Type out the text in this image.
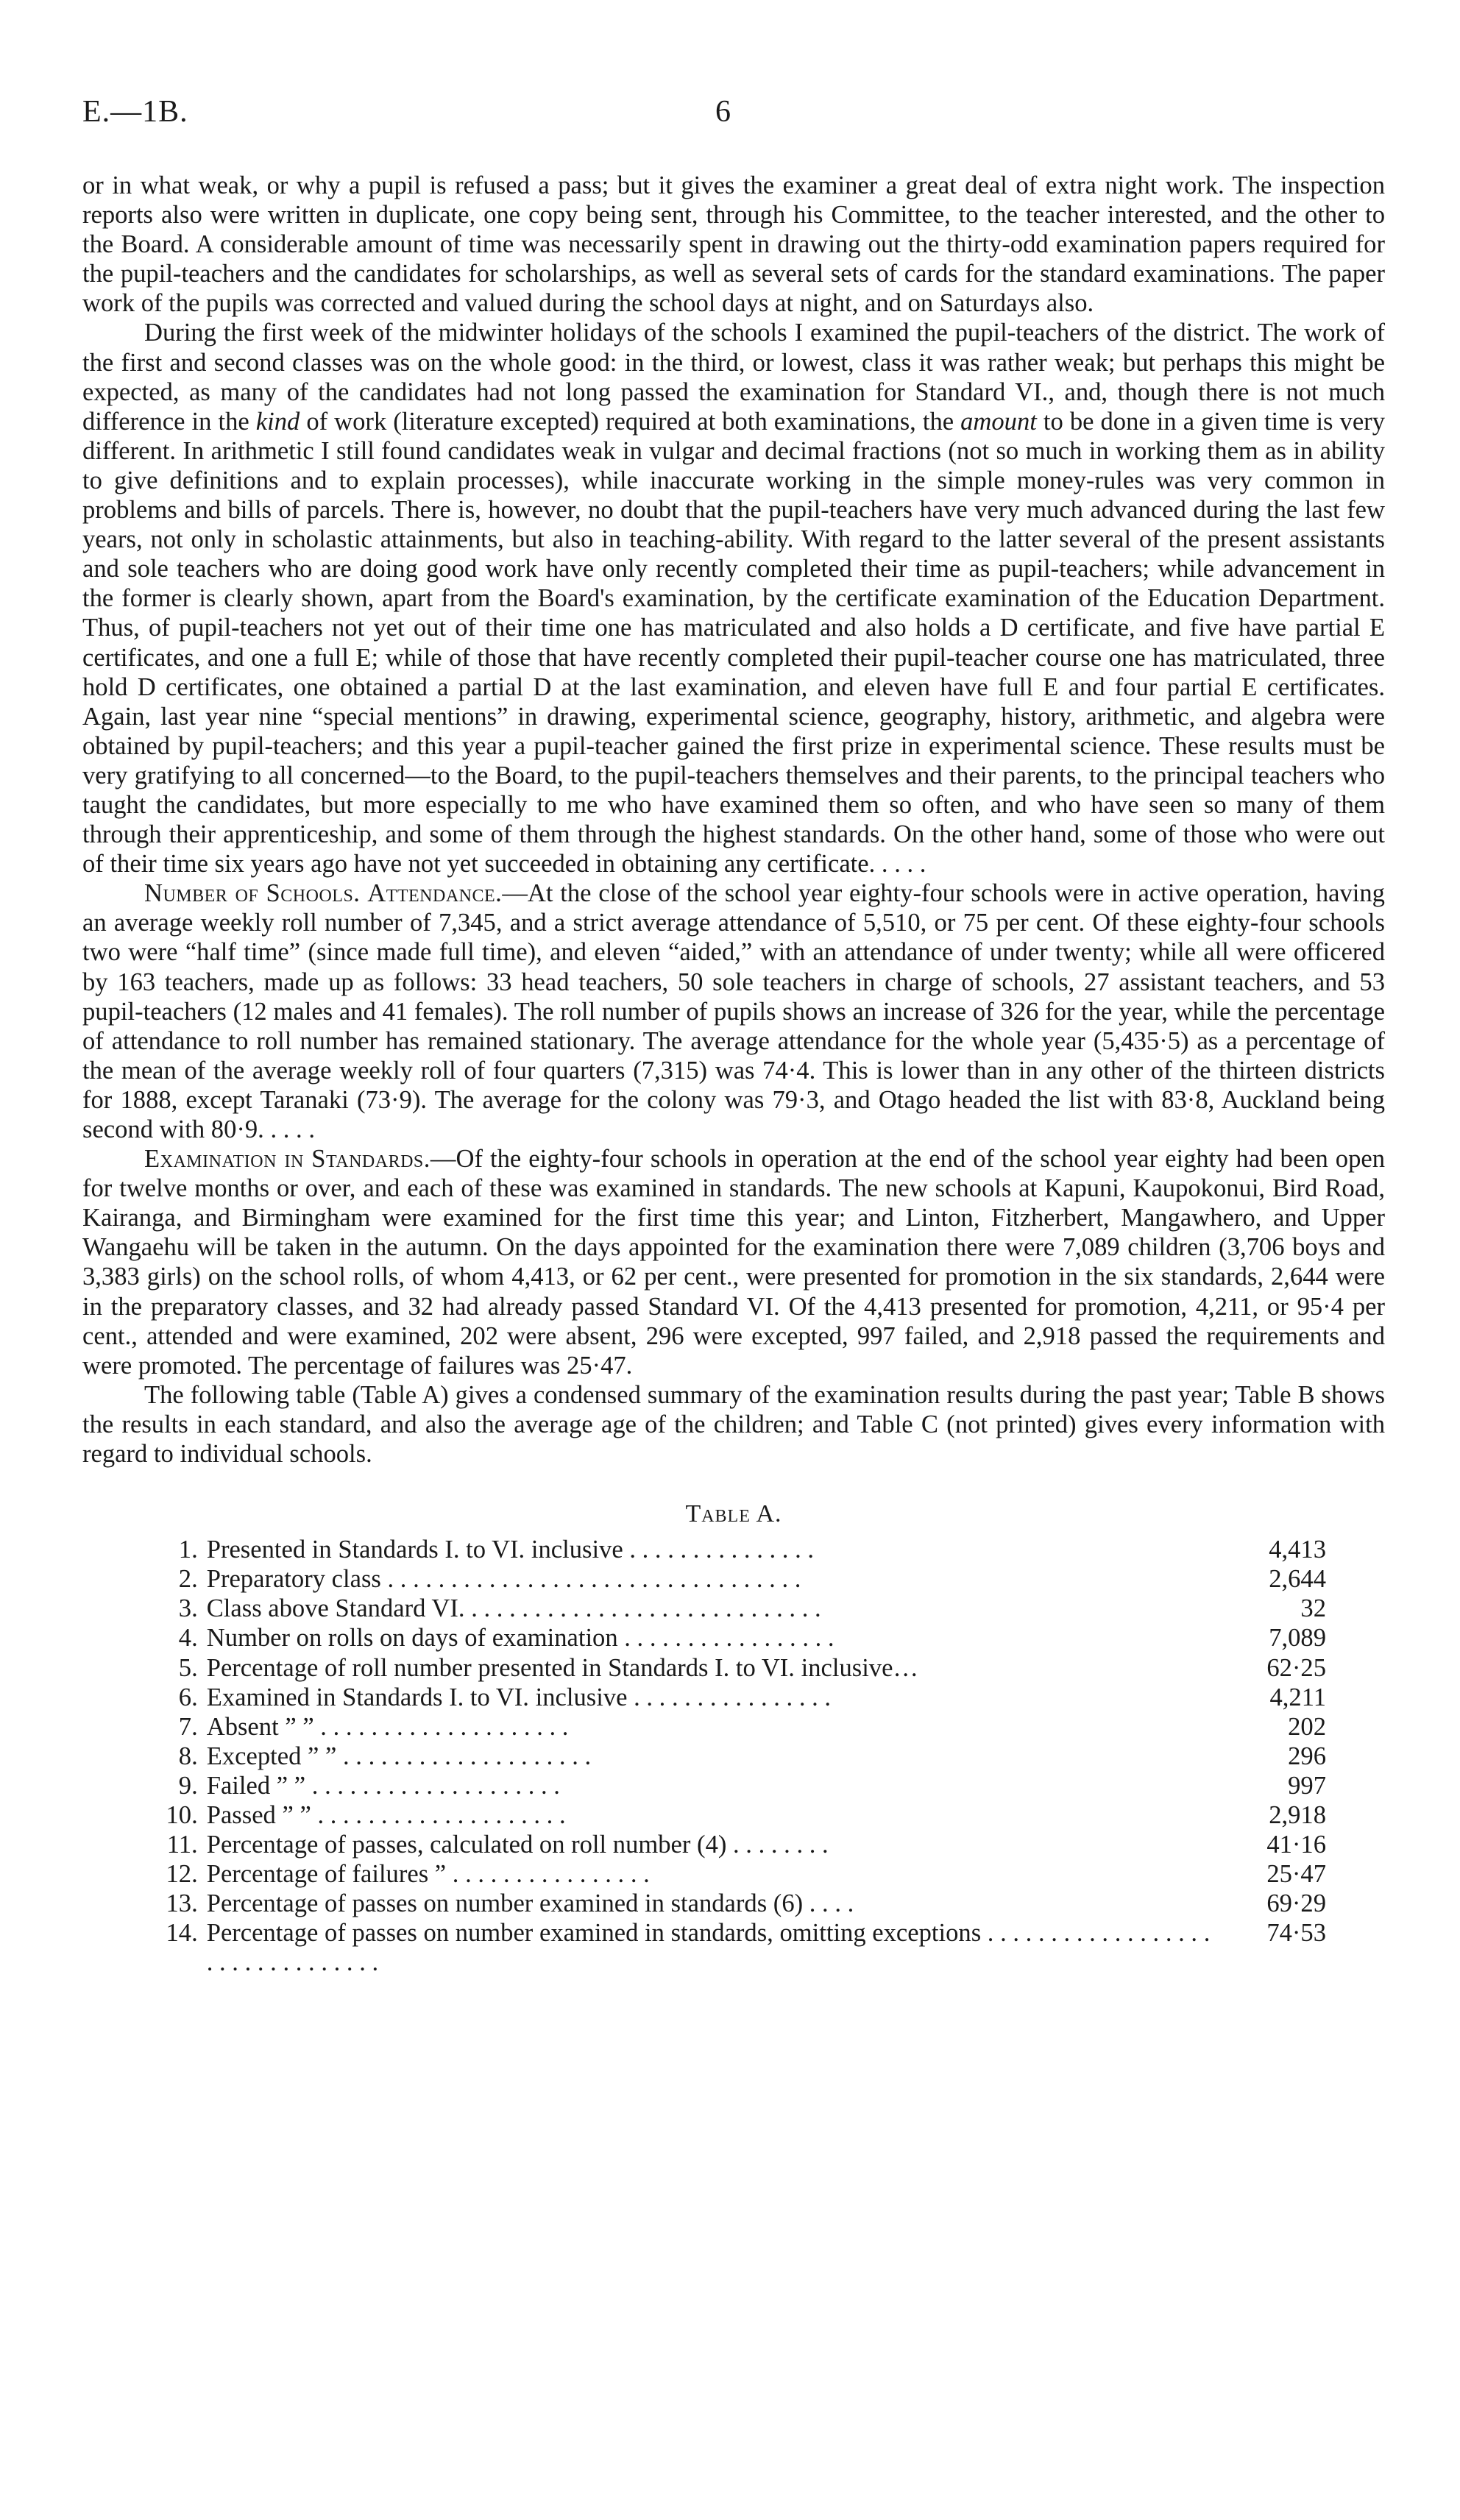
E.—1B.	6

or in what weak, or why a pupil is refused a pass; but it gives the examiner a great deal of extra night work. The inspection reports also were written in duplicate, one copy being sent, through his Committee, to the teacher interested, and the other to the Board. A considerable amount of time was necessarily spent in drawing out the thirty-odd examination papers required for the pupil-teachers and the candidates for scholarships, as well as several sets of cards for the standard examinations. The paper work of the pupils was corrected and valued during the school days at night, and on Saturdays also.

During the first week of the midwinter holidays of the schools I examined the pupil-teachers of the district. The work of the first and second classes was on the whole good: in the third, or lowest, class it was rather weak; but perhaps this might be expected, as many of the candidates had not long passed the examination for Standard VI., and, though there is not much difference in the kind of work (literature excepted) required at both examinations, the amount to be done in a given time is very different. In arithmetic I still found candidates weak in vulgar and decimal fractions (not so much in working them as in ability to give definitions and to explain processes), while inaccurate working in the simple money-rules was very common in problems and bills of parcels. There is, however, no doubt that the pupil-teachers have very much advanced during the last few years, not only in scholastic attainments, but also in teaching-ability. With regard to the latter several of the present assistants and sole teachers who are doing good work have only recently completed their time as pupil-teachers; while advancement in the former is clearly shown, apart from the Board's examination, by the certificate examination of the Education Department. Thus, of pupil-teachers not yet out of their time one has matriculated and also holds a D certificate, and five have partial E certificates, and one a full E; while of those that have recently completed their pupil-teacher course one has matriculated, three hold D certificates, one obtained a partial D at the last examination, and eleven have full E and four partial E certificates. Again, last year nine “special mentions” in drawing, experimental science, geography, history, arithmetic, and algebra were obtained by pupil-teachers; and this year a pupil-teacher gained the first prize in experimental science. These results must be very gratifying to all concerned—to the Board, to the pupil-teachers themselves and their parents, to the principal teachers who taught the candidates, but more especially to me who have examined them so often, and who have seen so many of them through their apprenticeship, and some of them through the highest standards. On the other hand, some of those who were out of their time six years ago have not yet succeeded in obtaining any certificate. . . . .

Number of Schools. Attendance.—At the close of the school year eighty-four schools were in active operation, having an average weekly roll number of 7,345, and a strict average attendance of 5,510, or 75 per cent. Of these eighty-four schools two were “half time” (since made full time), and eleven “aided,” with an attendance of under twenty; while all were officered by 163 teachers, made up as follows: 33 head teachers, 50 sole teachers in charge of schools, 27 assistant teachers, and 53 pupil-teachers (12 males and 41 females). The roll number of pupils shows an increase of 326 for the year, while the percentage of attendance to roll number has remained stationary. The average attendance for the whole year (5,435·5) as a percentage of the mean of the average weekly roll of four quarters (7,315) was 74·4. This is lower than in any other of the thirteen districts for 1888, except Taranaki (73·9). The average for the colony was 79·3, and Otago headed the list with 83·8, Auckland being second with 80·9. . . . .

Examination in Standards.—Of the eighty-four schools in operation at the end of the school year eighty had been open for twelve months or over, and each of these was examined in standards. The new schools at Kapuni, Kaupokonui, Bird Road, Kairanga, and Birmingham were examined for the first time this year; and Linton, Fitzherbert, Mangawhero, and Upper Wangaehu will be taken in the autumn. On the days appointed for the examination there were 7,089 children (3,706 boys and 3,383 girls) on the school rolls, of whom 4,413, or 62 per cent., were presented for promotion in the six standards, 2,644 were in the preparatory classes, and 32 had already passed Standard VI. Of the 4,413 presented for promotion, 4,211, or 95·4 per cent., attended and were examined, 202 were absent, 296 were excepted, 997 failed, and 2,918 passed the requirements and were promoted. The percentage of failures was 25·47.

The following table (Table A) gives a condensed summary of the examination results during the past year; Table B shows the results in each standard, and also the average age of the children; and Table C (not printed) gives every information with regard to individual schools.

Table A.

1.	Presented in Standards I. to VI. inclusive . . . . . . . . . . . . . . .	4,413
2.	Preparatory class . . . . . . . . . . . . . . . . . . . . . . . . . . . . . . . . .	2,644
3.	Class above Standard VI. . . . . . . . . . . . . . . . . . . . . . . . . . . . .	32
4.	Number on rolls on days of examination . . . . . . . . . . . . . . . . .	7,089
5.	Percentage of roll number presented in Standards I. to VI. inclusive…	62·25
6.	Examined in Standards I. to VI. inclusive . . . . . . . . . . . . . . . .	4,211
7.	Absent ” ” . . . . . . . . . . . . . . . . . . . .	202
8.	Excepted ” ” . . . . . . . . . . . . . . . . . . . .	296
9.	Failed ” ” . . . . . . . . . . . . . . . . . . . .	997
10.	Passed ” ” . . . . . . . . . . . . . . . . . . . .	2,918
11.	Percentage of passes, calculated on roll number (4) . . . . . . . .	41·16
12.	Percentage of failures ” . . . . . . . . . . . . . . . .	25·47
13.	Percentage of passes on number examined in standards (6) . . . .	69·29
14.	Percentage of passes on number examined in standards, omitting exceptions . . . . . . . . . . . . . . . . . . . . . . . . . . . . . . . .	74·53
